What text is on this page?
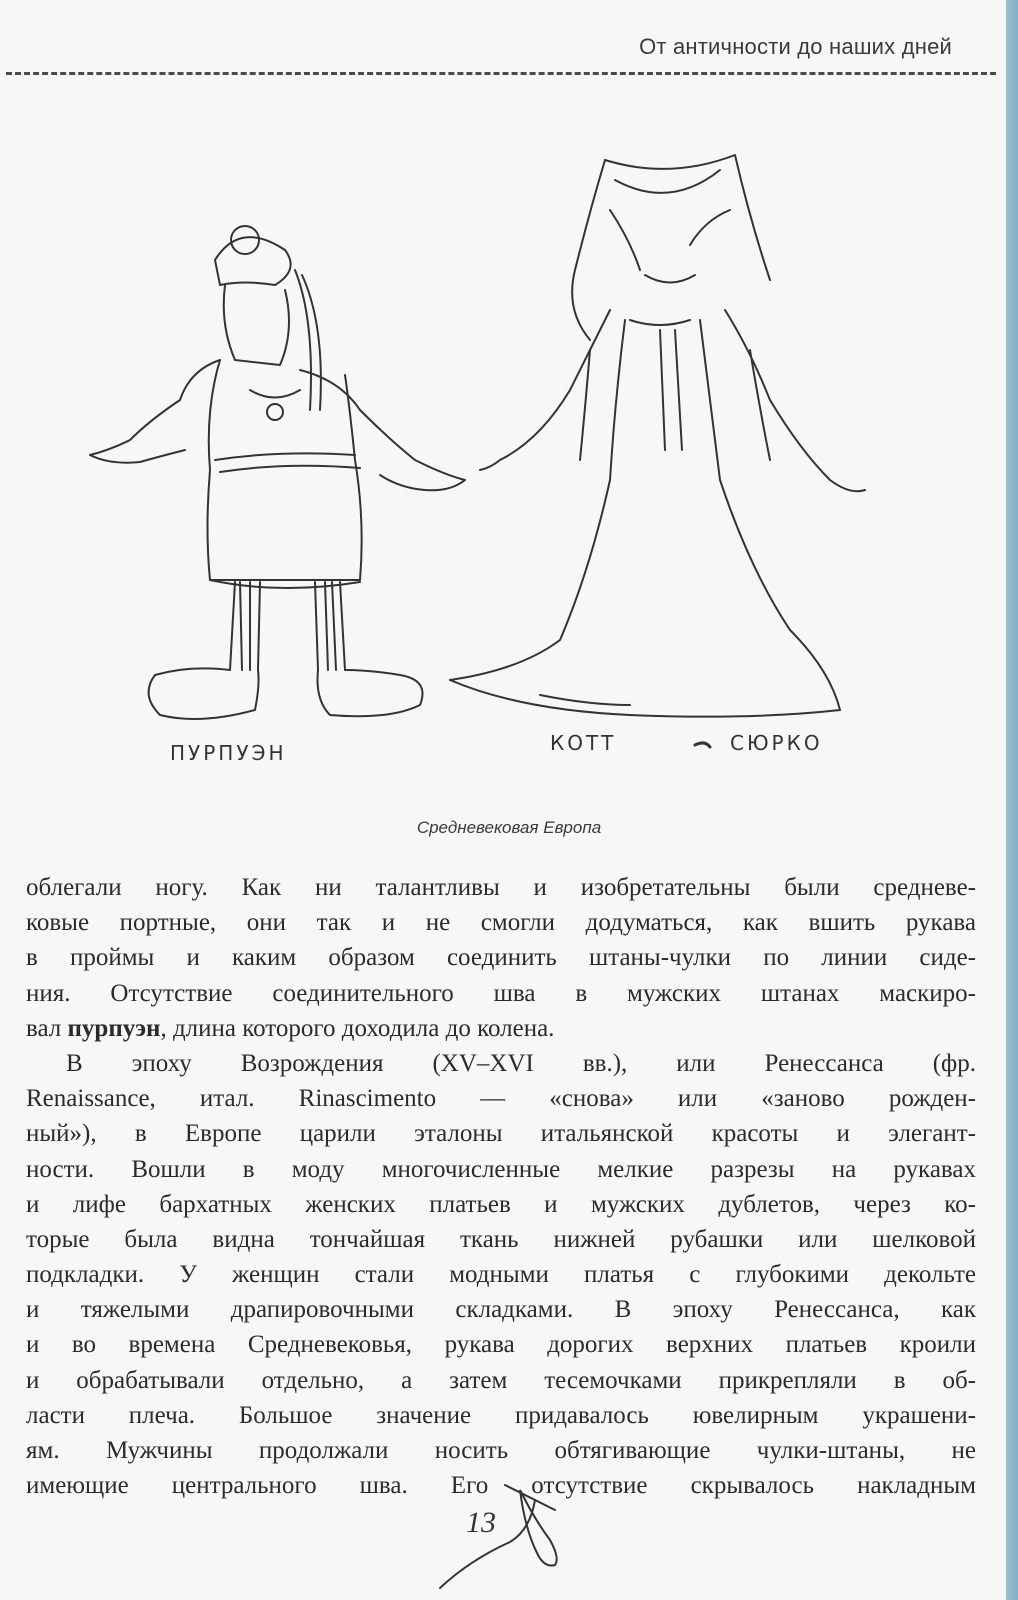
От античности до наших дней
ПУРПУЭН	КОТТ	СЮРКО
Средневековая Европа
облегали ногу. Как ни талантливы и изобретательны были средневе-
ковые портные, они так и не смогли додуматься, как вшить рукава
в проймы и каким образом соединить штаны-чулки по линии сиде-
ния. Отсутствие соединительного шва в мужских штанах маскиро-
вал пурпуэн, длина которого доходила до колена.
В эпоху Возрождения (XV–XVI вв.), или Ренессанса (фр.
Renaissance, итал. Rinascimento — «снова» или «заново рожден-
ный»), в Европе царили эталоны итальянской красоты и элегант-
ности. Вошли в моду многочисленные мелкие разрезы на рукавах
и лифе бархатных женских платьев и мужских дублетов, через ко-
торые была видна тончайшая ткань нижней рубашки или шелковой
подкладки. У женщин стали модными платья с глубокими декольте
и тяжелыми драпировочными складками. В эпоху Ренессанса, как
и во времена Средневековья, рукава дорогих верхних платьев кроили
и обрабатывали отдельно, а затем тесемочками прикрепляли в об-
ласти плеча. Большое значение придавалось ювелирным украшени-
ям. Мужчины продолжали носить обтягивающие чулки-штаны, не
имеющие центрального шва. Его отсутствие скрывалось накладным
13
